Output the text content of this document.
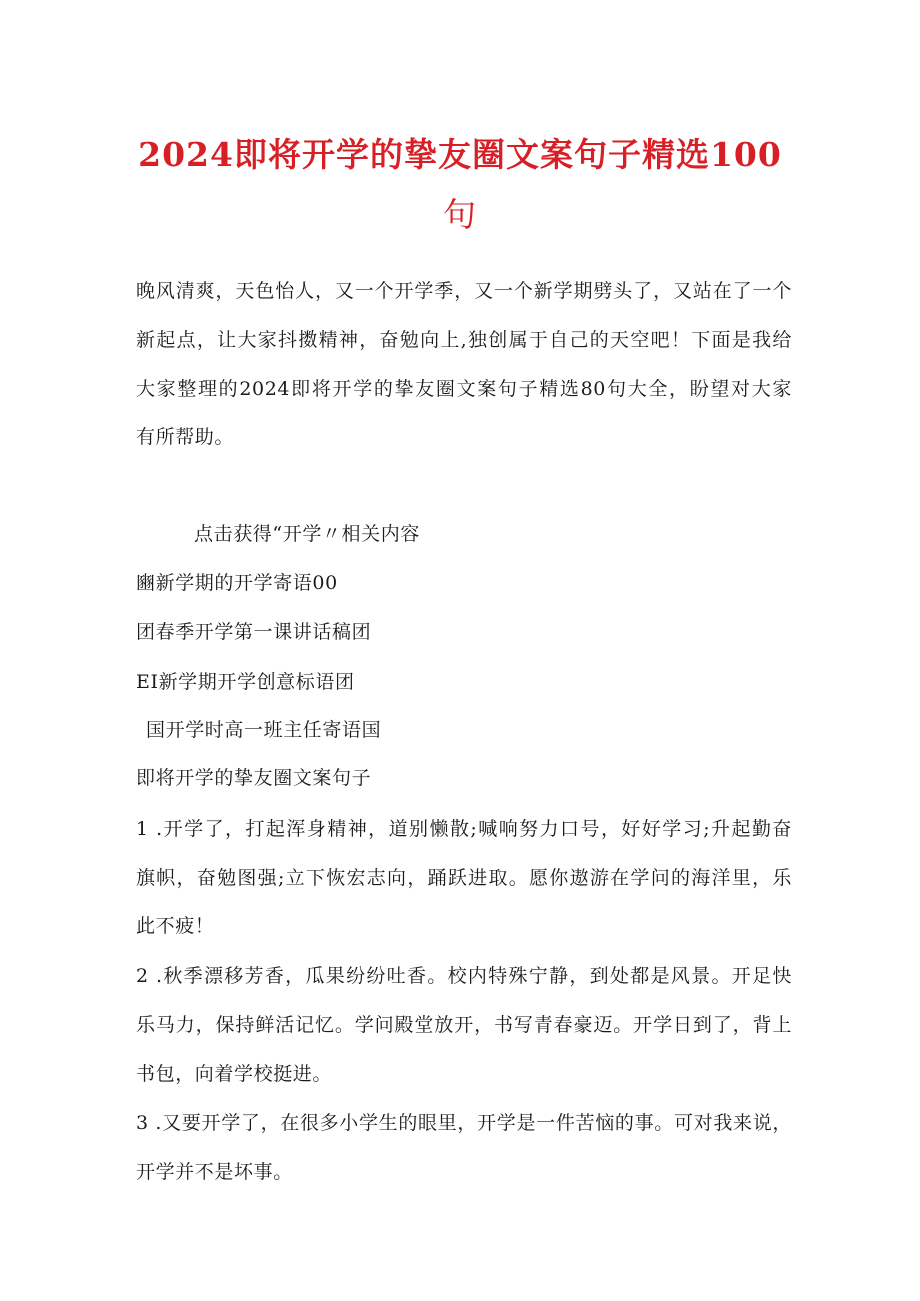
2024即将开学的挚友圈文案句子精选100
句
晚风清爽，天色怡人，又一个开学季，又一个新学期劈头了，又站在了一个
新起点，让大家抖擞精神，奋勉向上,独创属于自己的天空吧！下面是我给
大家整理的2024即将开学的挚友圈文案句子精选80句大全，盼望对大家
有所帮助。
点击获得“开学〃相关内容
豳新学期的开学寄语00
团春季开学第一课讲话稿团
EI新学期开学创意标语团
国开学时高一班主任寄语国
即将开学的挚友圈文案句子
1 .开学了，打起浑身精神，道别懒散;喊响努力口号，好好学习;升起勤奋
旗帜，奋勉图强;立下恢宏志向，踊跃进取。愿你遨游在学问的海洋里，乐
此不疲！
2 .秋季漂移芳香，瓜果纷纷吐香。校内特殊宁静，到处都是风景。开足快
乐马力，保持鲜活记忆。学问殿堂放开，书写青春豪迈。开学日到了，背上
书包，向着学校挺进。
3 .又要开学了，在很多小学生的眼里，开学是一件苦恼的事。可对我来说，
开学并不是坏事。
